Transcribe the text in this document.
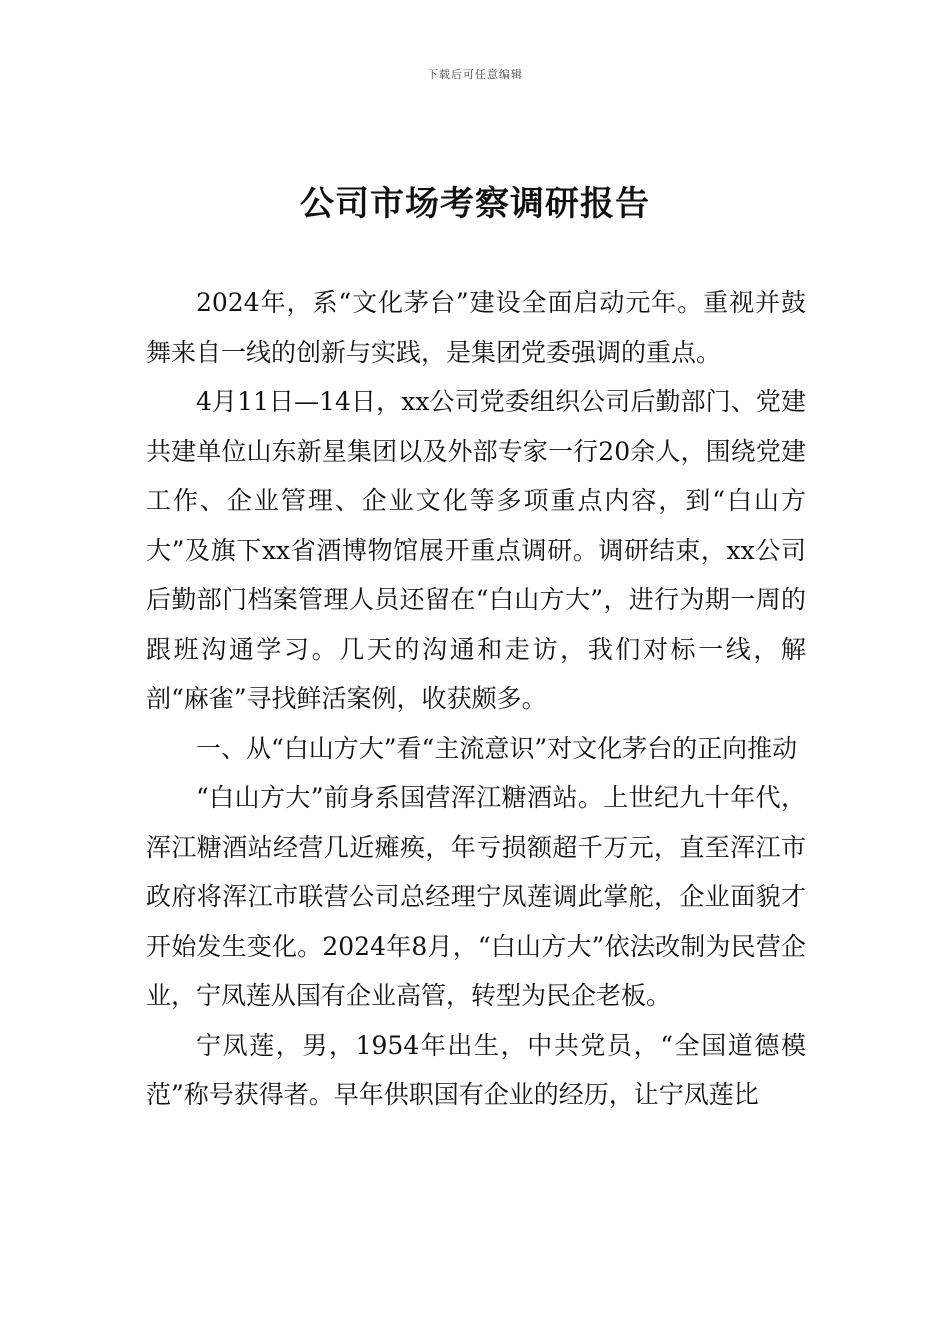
下载后可任意编辑
公司市场考察调研报告

2024年，系“文化茅台”建设全面启动元年。重视并鼓舞来自一线的创新与实践，是集团党委强调的重点。

4月11日—14日，xx公司党委组织公司后勤部门、党建共建单位山东新星集团以及外部专家一行20余人，围绕党建工作、企业管理、企业文化等多项重点内容，到“白山方大”及旗下xx省酒博物馆展开重点调研。调研结束，xx公司后勤部门档案管理人员还留在“白山方大”，进行为期一周的跟班沟通学习。几天的沟通和走访，我们对标一线，解剖“麻雀”寻找鲜活案例，收获颇多。

一、从“白山方大”看“主流意识”对文化茅台的正向推动

“白山方大”前身系国营浑江糖酒站。上世纪九十年代，浑江糖酒站经营几近瘫痪，年亏损额超千万元，直至浑江市政府将浑江市联营公司总经理宁凤莲调此掌舵，企业面貌才开始发生变化。2024年8月，“白山方大”依法改制为民营企业，宁凤莲从国有企业高管，转型为民企老板。

宁凤莲，男，1954年出生，中共党员，“全国道德模范”称号获得者。早年供职国有企业的经历，让宁凤莲比
